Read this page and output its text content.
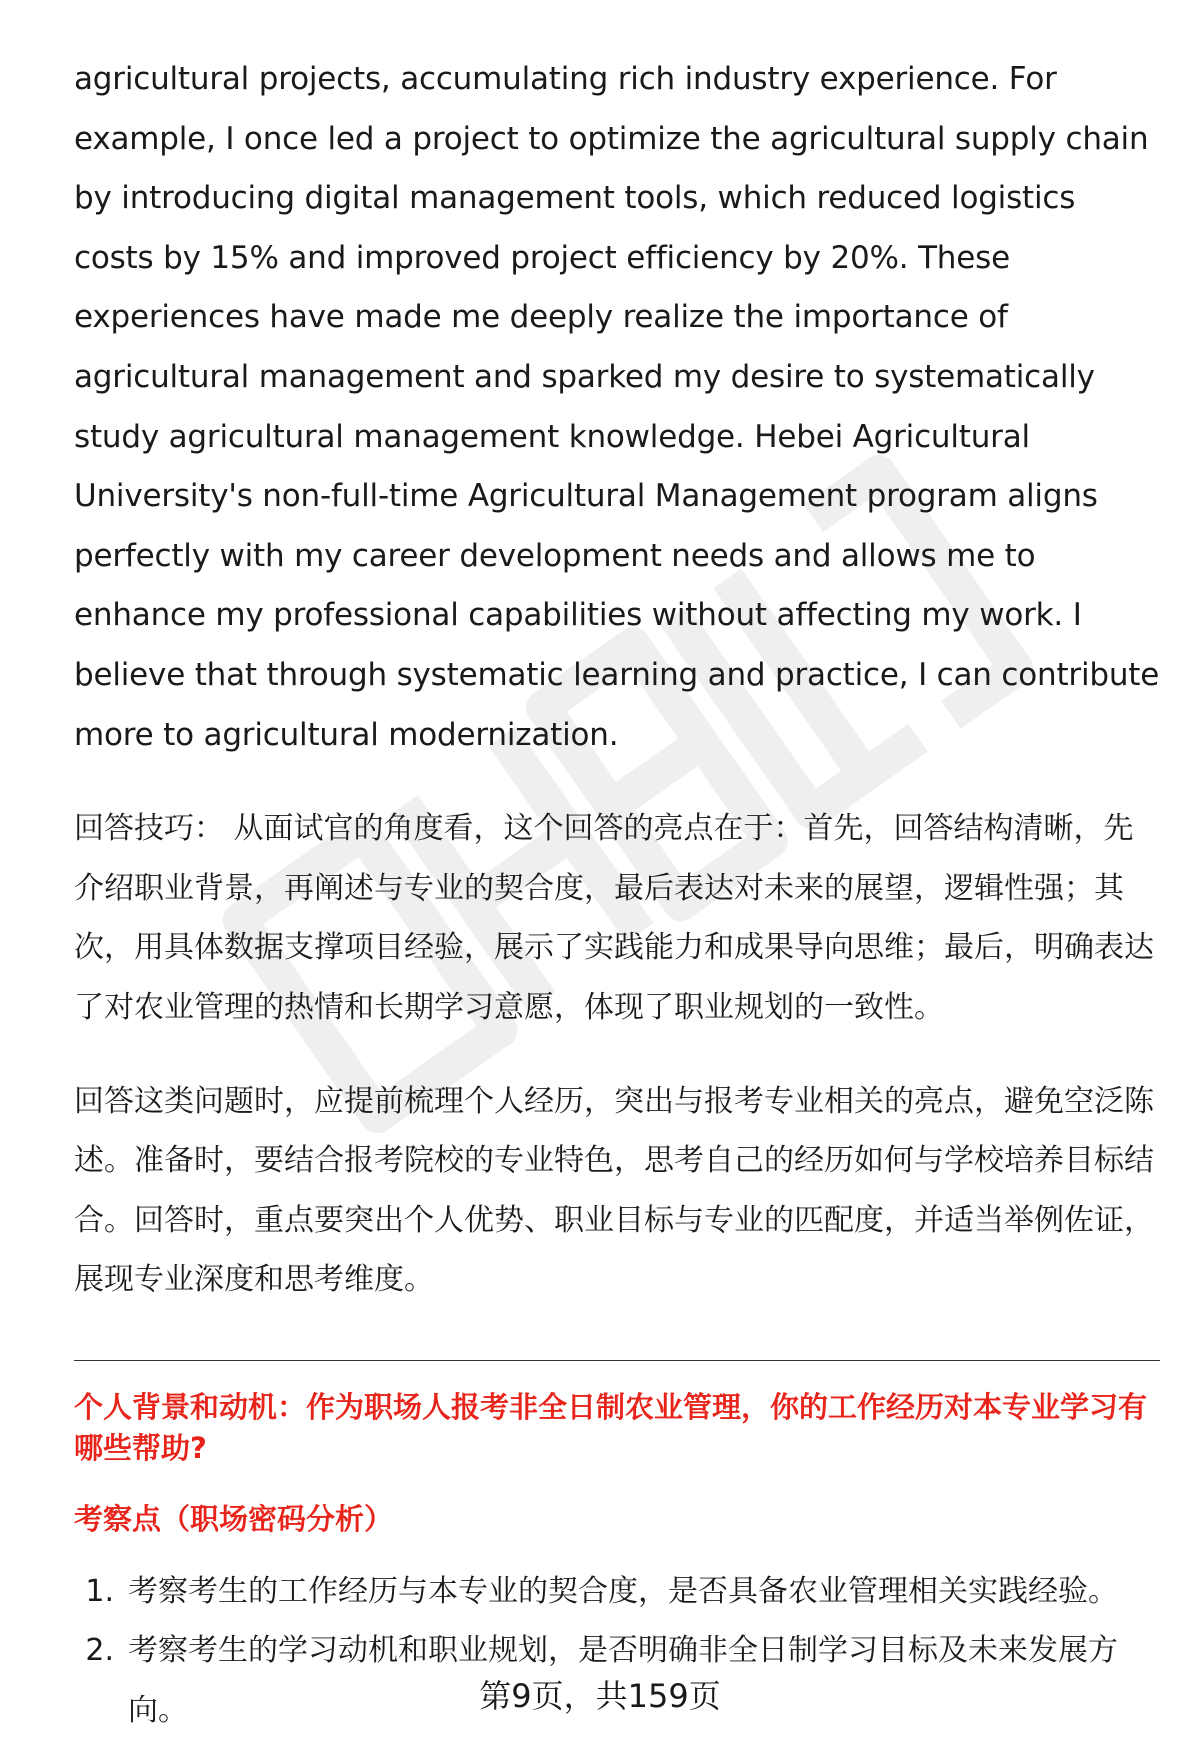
agricultural projects, accumulating rich industry experience. For example, I once led a project to optimize the agricultural supply chain by introducing digital management tools, which reduced logistics costs by 15% and improved project efficiency by 20%. These experiences have made me deeply realize the importance of agricultural management and sparked my desire to systematically study agricultural management knowledge. Hebei Agricultural University's non-full-time Agricultural Management program aligns perfectly with my career development needs and allows me to enhance my professional capabilities without affecting my work. I believe that through systematic learning and practice, I can contribute more to agricultural modernization.

回答技巧： 从面试官的角度看，这个回答的亮点在于：首先，回答结构清晰，先介绍职业背景，再阐述与专业的契合度，最后表达对未来的展望，逻辑性强；其次，用具体数据支撑项目经验，展示了实践能力和成果导向思维；最后，明确表达了对农业管理的热情和长期学习意愿，体现了职业规划的一致性。

回答这类问题时，应提前梳理个人经历，突出与报考专业相关的亮点，避免空泛陈述。准备时，要结合报考院校的专业特色，思考自己的经历如何与学校培养目标结合。回答时，重点要突出个人优势、职业目标与专业的匹配度，并适当举例佐证，展现专业深度和思考维度。

个人背景和动机：作为职场人报考非全日制农业管理，你的工作经历对本专业学习有哪些帮助?
考察点（职场密码分析）
1. 考察考生的工作经历与本专业的契合度，是否具备农业管理相关实践经验。
2. 考察考生的学习动机和职业规划，是否明确非全日制学习目标及未来发展方向。	第9页，共159页
